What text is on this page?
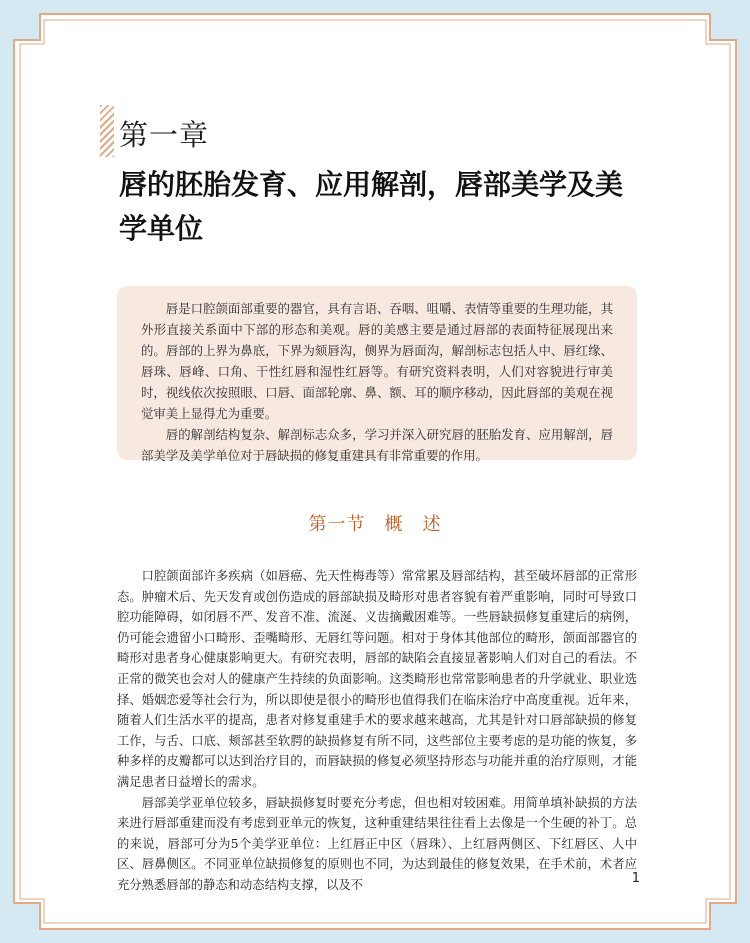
第一章
唇的胚胎发育、应用解剖，唇部美学及美学单位

唇是口腔颌面部重要的器官，具有言语、吞咽、咀嚼、表情等重要的生理功能，其外形直接关系面中下部的形态和美观。唇的美感主要是通过唇部的表面特征展现出来的。唇部的上界为鼻底，下界为颏唇沟，侧界为唇面沟，解剖标志包括人中、唇红缘、唇珠、唇峰、口角、干性红唇和湿性红唇等。有研究资料表明，人们对容貌进行审美时，视线依次按照眼、口唇、面部轮廓、鼻、额、耳的顺序移动，因此唇部的美观在视觉审美上显得尤为重要。

唇的解剖结构复杂、解剖标志众多，学习并深入研究唇的胚胎发育、应用解剖，唇部美学及美学单位对于唇缺损的修复重建具有非常重要的作用。

第一节　概　述

口腔颌面部许多疾病（如唇癌、先天性梅毒等）常常累及唇部结构，甚至破坏唇部的正常形态。肿瘤术后、先天发育或创伤造成的唇部缺损及畸形对患者容貌有着严重影响，同时可导致口腔功能障碍，如闭唇不严、发音不准、流涎、义齿摘戴困难等。一些唇缺损修复重建后的病例，仍可能会遗留小口畸形、歪嘴畸形、无唇红等问题。相对于身体其他部位的畸形，颌面部器官的畸形对患者身心健康影响更大。有研究表明，唇部的缺陷会直接显著影响人们对自己的看法。不正常的微笑也会对人的健康产生持续的负面影响。这类畸形也常常影响患者的升学就业、职业选择、婚姻恋爱等社会行为，所以即使是很小的畸形也值得我们在临床治疗中高度重视。近年来，随着人们生活水平的提高，患者对修复重建手术的要求越来越高，尤其是针对口唇部缺损的修复工作，与舌、口底、颊部甚至软腭的缺损修复有所不同，这些部位主要考虑的是功能的恢复，多种多样的皮瓣都可以达到治疗目的，而唇缺损的修复必须坚持形态与功能并重的治疗原则，才能满足患者日益增长的需求。

唇部美学亚单位较多，唇缺损修复时要充分考虑，但也相对较困难。用简单填补缺损的方法来进行唇部重建而没有考虑到亚单元的恢复，这种重建结果往往看上去像是一个生硬的补丁。总的来说，唇部可分为5个美学亚单位：上红唇正中区（唇珠）、上红唇两侧区、下红唇区、人中区、唇鼻侧区。不同亚单位缺损修复的原则也不同，为达到最佳的修复效果，在手术前，术者应充分熟悉唇部的静态和动态结构支撑，以及不	1
